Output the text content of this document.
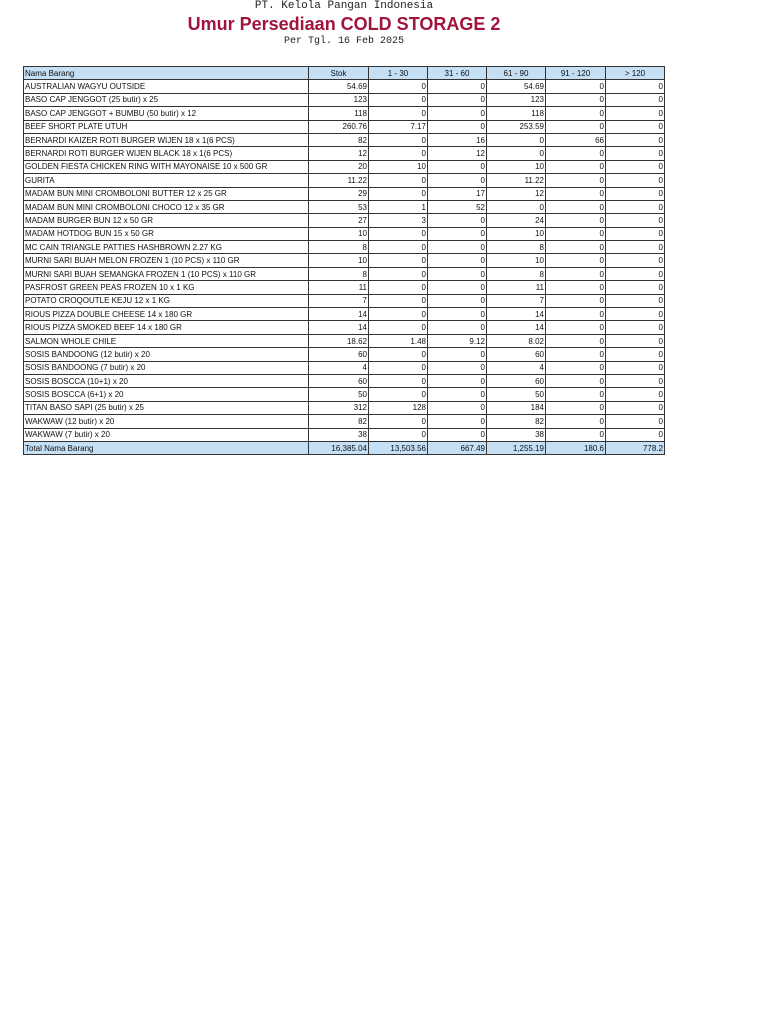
PT. Kelola Pangan Indonesia
Umur Persediaan COLD STORAGE 2
Per Tgl. 16 Feb 2025
Nama Barang	Stok	1 - 30	31 - 60	61 - 90	91 - 120	> 120
AUSTRALIAN WAGYU OUTSIDE	54.69	0	0	54.69	0	0
BASO CAP JENGGOT (25 butir) x 25	123	0	0	123	0	0
BASO CAP JENGGOT + BUMBU (50 butir) x 12	118	0	0	118	0	0
BEEF SHORT PLATE UTUH	260.76	7.17	0	253.59	0	0
BERNARDI KAIZER ROTI BURGER WIJEN 18 x 1(6 PCS)	82	0	16	0	66	0
BERNARDI ROTI BURGER WIJEN BLACK 18 x 1(6 PCS)	12	0	12	0	0	0
GOLDEN FIESTA CHICKEN RING WITH MAYONAISE 10 x 500 GR	20	10	0	10	0	0
GURITA	11.22	0	0	11.22	0	0
MADAM BUN MINI CROMBOLONI BUTTER 12 x 25 GR	29	0	17	12	0	0
MADAM BUN MINI CROMBOLONI CHOCO 12 x 35 GR	53	1	52	0	0	0
MADAM BURGER BUN 12 x 50 GR	27	3	0	24	0	0
MADAM HOTDOG BUN 15 x 50 GR	10	0	0	10	0	0
MC CAIN TRIANGLE PATTIES HASHBROWN 2.27 KG	8	0	0	8	0	0
MURNI SARI BUAH MELON FROZEN 1 (10 PCS) x 110 GR	10	0	0	10	0	0
MURNI SARI BUAH SEMANGKA FROZEN 1 (10 PCS) x 110 GR	8	0	0	8	0	0
PASFROST GREEN PEAS FROZEN 10 x 1 KG	11	0	0	11	0	0
POTATO CROQOUTLE KEJU 12 x 1 KG	7	0	0	7	0	0
RIOUS PIZZA DOUBLE CHEESE 14 x 180 GR	14	0	0	14	0	0
RIOUS PIZZA SMOKED BEEF 14 x 180 GR	14	0	0	14	0	0
SALMON WHOLE CHILE	18.62	1.48	9.12	8.02	0	0
SOSIS BANDOONG (12 butir) x 20	60	0	0	60	0	0
SOSIS BANDOONG (7 butir) x 20	4	0	0	4	0	0
SOSIS BOSCCA (10+1) x 20	60	0	0	60	0	0
SOSIS BOSCCA (6+1) x 20	50	0	0	50	0	0
TITAN BASO SAPI (25 butir) x 25	312	128	0	184	0	0
WAKWAW (12 butir) x 20	82	0	0	82	0	0
WAKWAW (7 butir) x 20	38	0	0	38	0	0
Total Nama Barang	16,385.04	13,503.56	667.49	1,255.19	180.6	778.2
